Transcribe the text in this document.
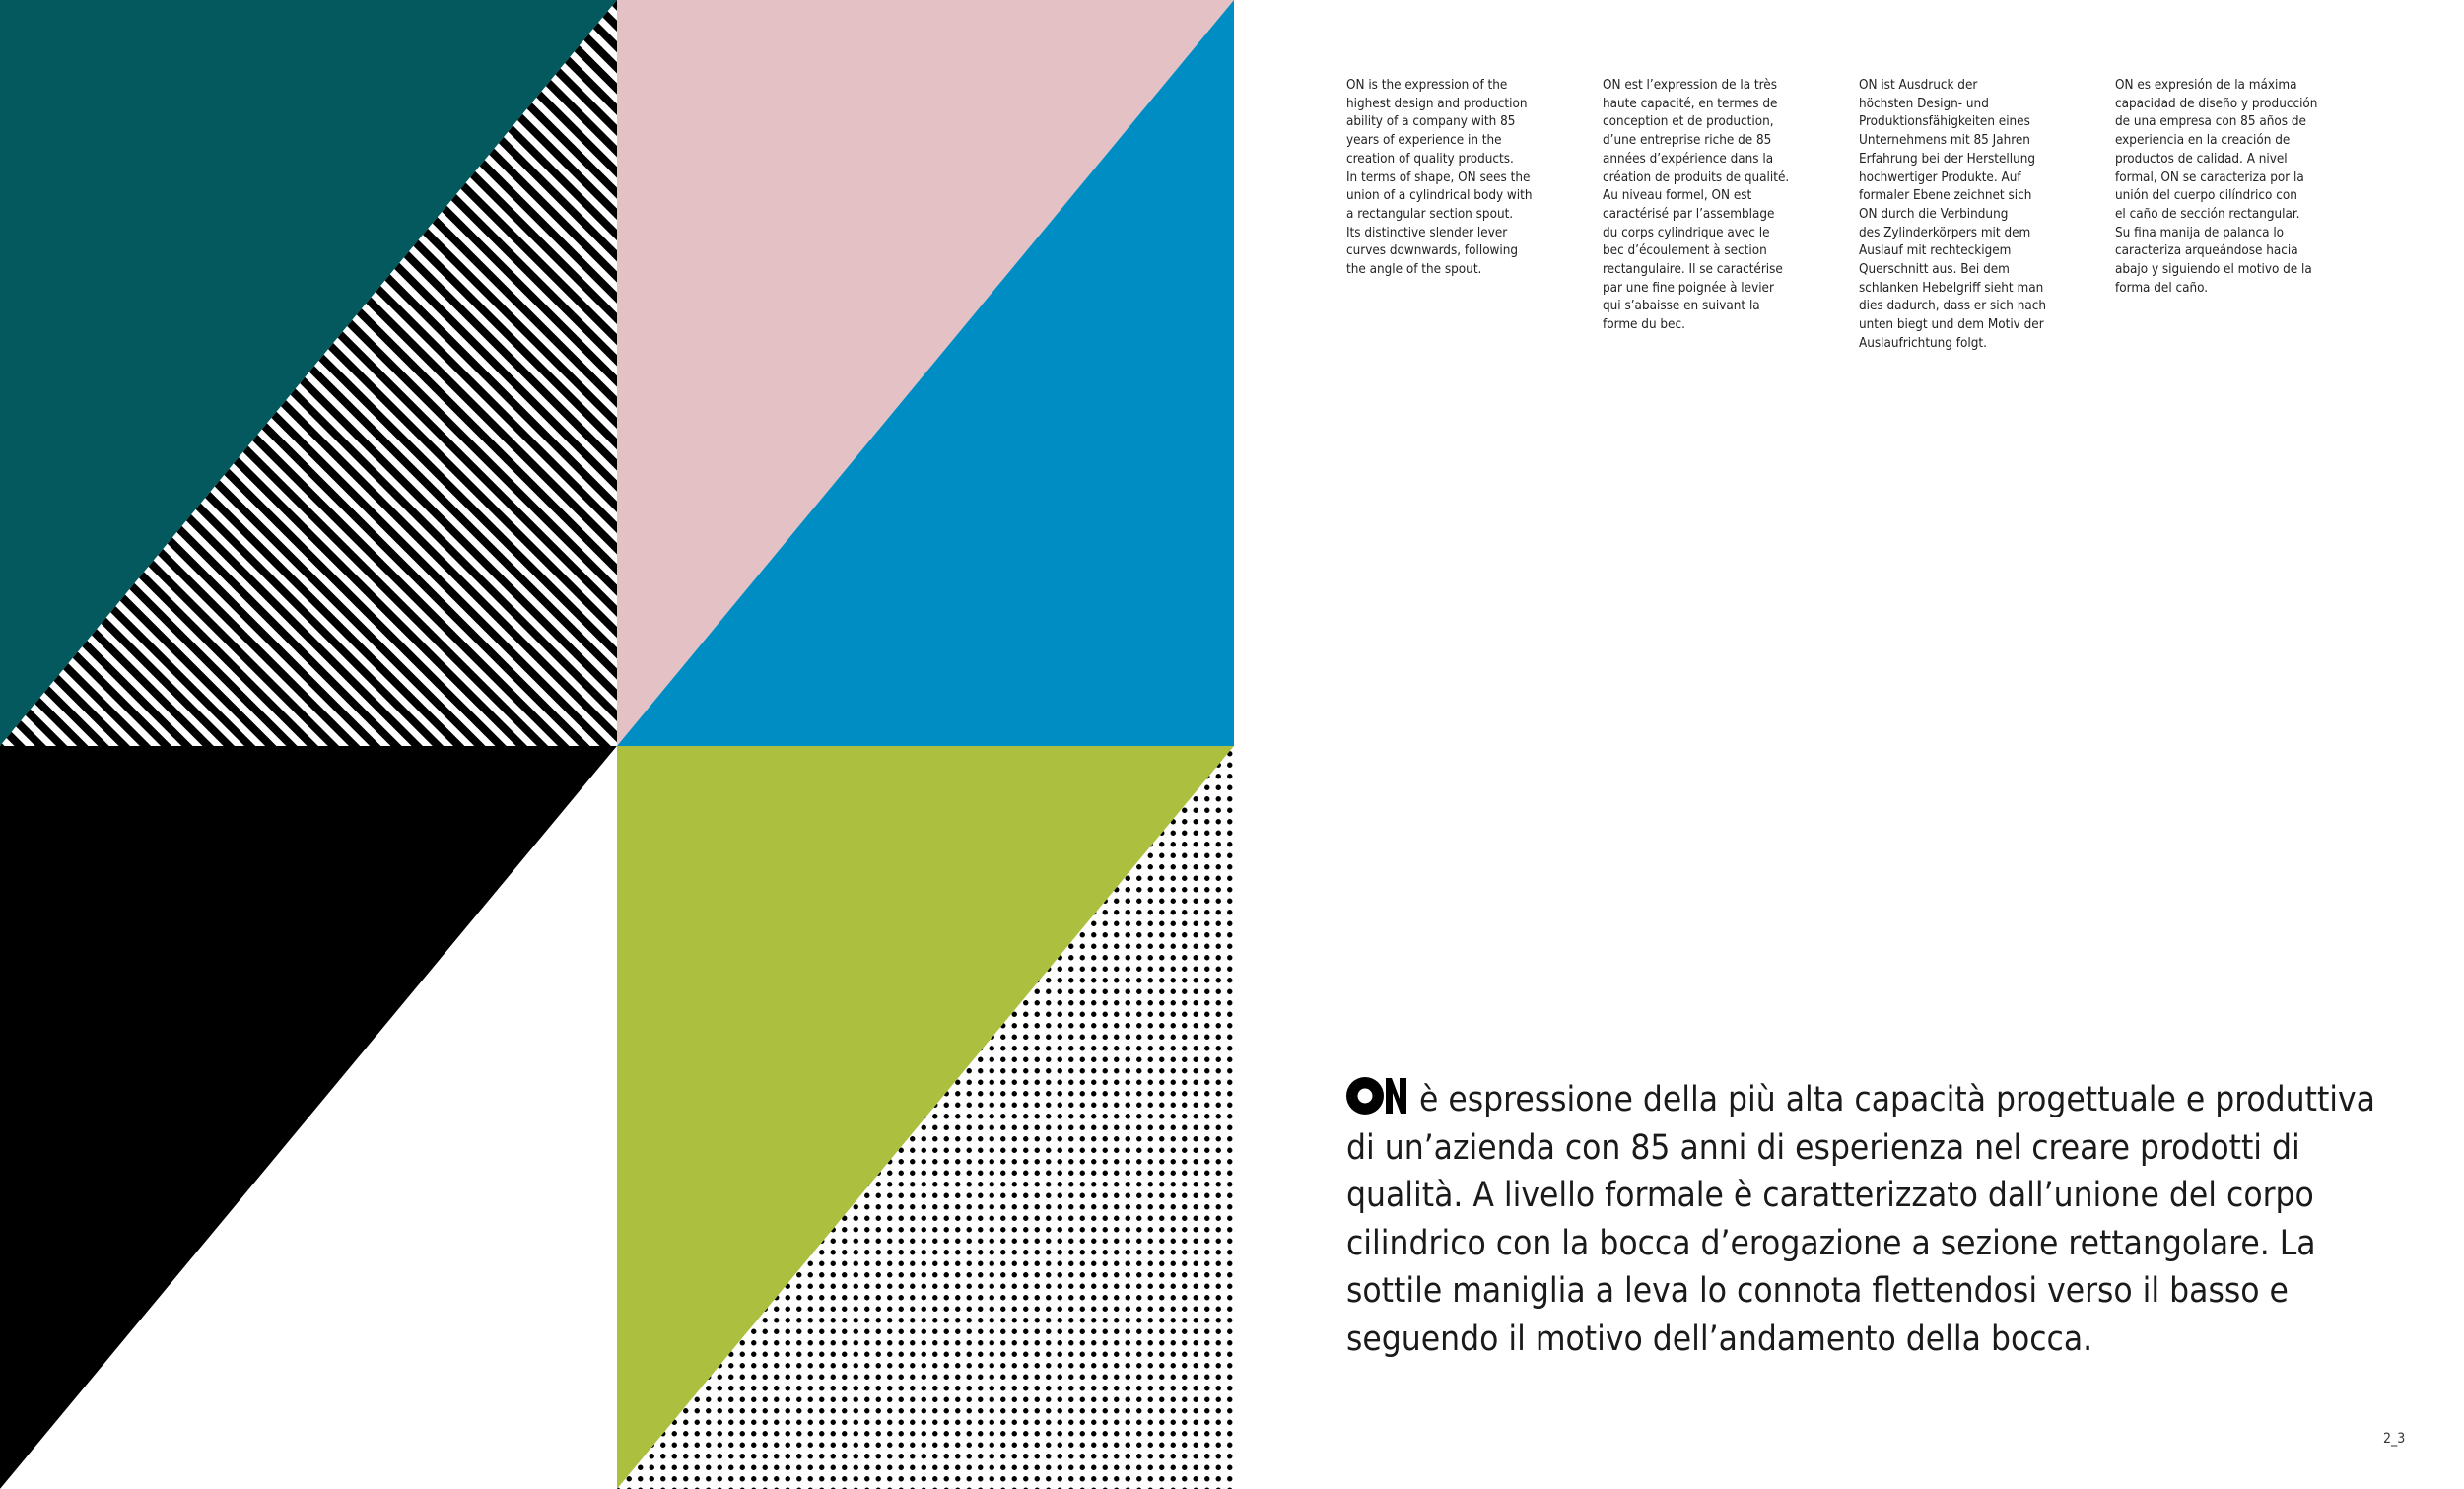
ON is the expression of the
highest design and production
ability of a company with 85
years of experience in the
creation of quality products.
In terms of shape, ON sees the
union of a cylindrical body with
a rectangular section spout.
Its distinctive slender lever
curves downwards, following
the angle of the spout.

ON est l’expression de la très
haute capacité, en termes de
conception et de production,
d’une entreprise riche de 85
années d’expérience dans la
création de produits de qualité.
Au niveau formel, ON est
caractérisé par l’assemblage
du corps cylindrique avec le
bec d’écoulement à section
rectangulaire. Il se caractérise
par une fine poignée à levier
qui s’abaisse en suivant la
forme du bec.

ON ist Ausdruck der
höchsten Design- und
Produktionsfähigkeiten eines
Unternehmens mit 85 Jahren
Erfahrung bei der Herstellung
hochwertiger Produkte. Auf
formaler Ebene zeichnet sich
ON durch die Verbindung
des Zylinderkörpers mit dem
Auslauf mit rechteckigem
Querschnitt aus. Bei dem
schlanken Hebelgriff sieht man
dies dadurch, dass er sich nach
unten biegt und dem Motiv der
Auslaufrichtung folgt.

ON es expresión de la máxima
capacidad de diseño y producción
de una empresa con 85 años de
experiencia en la creación de
productos de calidad. A nivel
formal, ON se caracteriza por la
unión del cuerpo cilíndrico con
el caño de sección rectangular.
Su fina manija de palanca lo
caracteriza arqueándose hacia
abajo y siguiendo el motivo de la
forma del caño.

è espressione della più alta capacità progettuale e produttiva di un’azienda con 85 anni di esperienza nel creare prodotti di qualità. A livello formale è caratterizzato dall’unione del corpo cilindrico con la bocca d’erogazione a sezione rettangolare. La sottile maniglia a leva lo connota flettendosi verso il basso e seguendo il motivo dell’andamento della bocca.

2_3
